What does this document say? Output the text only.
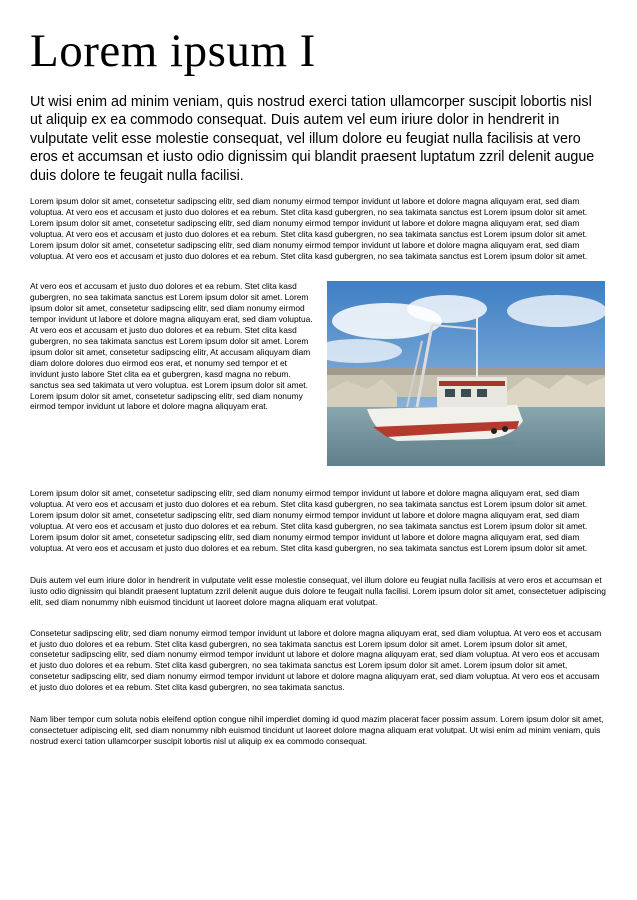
Lorem ipsum I

Ut wisi enim ad minim veniam, quis nostrud exerci tation ullamcorper suscipit lobortis nisl ut aliquip ex ea commodo consequat. Duis autem vel eum iriure dolor in hendrerit in vulputate velit esse molestie consequat, vel illum dolore eu feugiat nulla facilisis at vero eros et accumsan et iusto odio dignissim qui blandit praesent luptatum zzril delenit augue duis dolore te feugait nulla facilisi.

Lorem ipsum dolor sit amet, consetetur sadipscing elitr, sed diam nonumy eirmod tempor invidunt ut labore et dolore magna aliquyam erat, sed diam voluptua. At vero eos et accusam et justo duo dolores et ea rebum. Stet clita kasd gubergren, no sea takimata sanctus est Lorem ipsum dolor sit amet. Lorem ipsum dolor sit amet, consetetur sadipscing elitr, sed diam nonumy eirmod tempor invidunt ut labore et dolore magna aliquyam erat, sed diam voluptua. At vero eos et accusam et justo duo dolores et ea rebum. Stet clita kasd gubergren, no sea takimata sanctus est Lorem ipsum dolor sit amet. Lorem ipsum dolor sit amet, consetetur sadipscing elitr, sed diam nonumy eirmod tempor invidunt ut labore et dolore magna aliquyam erat, sed diam voluptua. At vero eos et accusam et justo duo dolores et ea rebum. Stet clita kasd gubergren, no sea takimata sanctus est Lorem ipsum dolor sit amet.

At vero eos et accusam et justo duo dolores et ea rebum. Stet clita kasd gubergren, no sea takimata sanctus est Lorem ipsum dolor sit amet. Lorem ipsum dolor sit amet, consetetur sadipscing elitr, sed diam nonumy eirmod tempor invidunt ut labore et dolore magna aliquyam erat, sed diam voluptua. At vero eos et accusam et justo duo dolores et ea rebum. Stet clita kasd gubergren, no sea takimata sanctus est Lorem ipsum dolor sit amet. Lorem ipsum dolor sit amet, consetetur sadipscing elitr, At accusam aliquyam diam diam dolore dolores duo eirmod eos erat, et nonumy sed tempor et et invidunt justo labore Stet clita ea et gubergren, kasd magna no rebum. sanctus sea sed takimata ut vero voluptua. est Lorem ipsum dolor sit amet. Lorem ipsum dolor sit amet, consetetur sadipscing elitr, sed diam nonumy eirmod tempor invidunt ut labore et dolore magna aliquyam erat.

Lorem ipsum dolor sit amet, consetetur sadipscing elitr, sed diam nonumy eirmod tempor invidunt ut labore et dolore magna aliquyam erat, sed diam voluptua. At vero eos et accusam et justo duo dolores et ea rebum. Stet clita kasd gubergren, no sea takimata sanctus est Lorem ipsum dolor sit amet. Lorem ipsum dolor sit amet, consetetur sadipscing elitr, sed diam nonumy eirmod tempor invidunt ut labore et dolore magna aliquyam erat, sed diam voluptua. At vero eos et accusam et justo duo dolores et ea rebum. Stet clita kasd gubergren, no sea takimata sanctus est Lorem ipsum dolor sit amet. Lorem ipsum dolor sit amet, consetetur sadipscing elitr, sed diam nonumy eirmod tempor invidunt ut labore et dolore magna aliquyam erat, sed diam voluptua. At vero eos et accusam et justo duo dolores et ea rebum. Stet clita kasd gubergren, no sea takimata sanctus est Lorem ipsum dolor sit amet.

Duis autem vel eum iriure dolor in hendrerit in vulputate velit esse molestie consequat, vel illum dolore eu feugiat nulla facilisis at vero eros et accumsan et iusto odio dignissim qui blandit praesent luptatum zzril delenit augue duis dolore te feugait nulla facilisi. Lorem ipsum dolor sit amet, consectetuer adipiscing elit, sed diam nonummy nibh euismod tincidunt ut laoreet dolore magna aliquam erat volutpat.

Consetetur sadipscing elitr, sed diam nonumy eirmod tempor invidunt ut labore et dolore magna aliquyam erat, sed diam voluptua. At vero eos et accusam et justo duo dolores et ea rebum. Stet clita kasd gubergren, no sea takimata sanctus est Lorem ipsum dolor sit amet. Lorem ipsum dolor sit amet, consetetur sadipscing elitr, sed diam nonumy eirmod tempor invidunt ut labore et dolore magna aliquyam erat, sed diam voluptua. At vero eos et accusam et justo duo dolores et ea rebum. Stet clita kasd gubergren, no sea takimata sanctus est Lorem ipsum dolor sit amet. Lorem ipsum dolor sit amet, consetetur sadipscing elitr, sed diam nonumy eirmod tempor invidunt ut labore et dolore magna aliquyam erat, sed diam voluptua. At vero eos et accusam et justo duo dolores et ea rebum. Stet clita kasd gubergren, no sea takimata sanctus.

Nam liber tempor cum soluta nobis eleifend option congue nihil imperdiet doming id quod mazim placerat facer possim assum. Lorem ipsum dolor sit amet, consectetuer adipiscing elit, sed diam nonummy nibh euismod tincidunt ut laoreet dolore magna aliquam erat volutpat. Ut wisi enim ad minim veniam, quis nostrud exerci tation ullamcorper suscipit lobortis nisl ut aliquip ex ea commodo consequat.
